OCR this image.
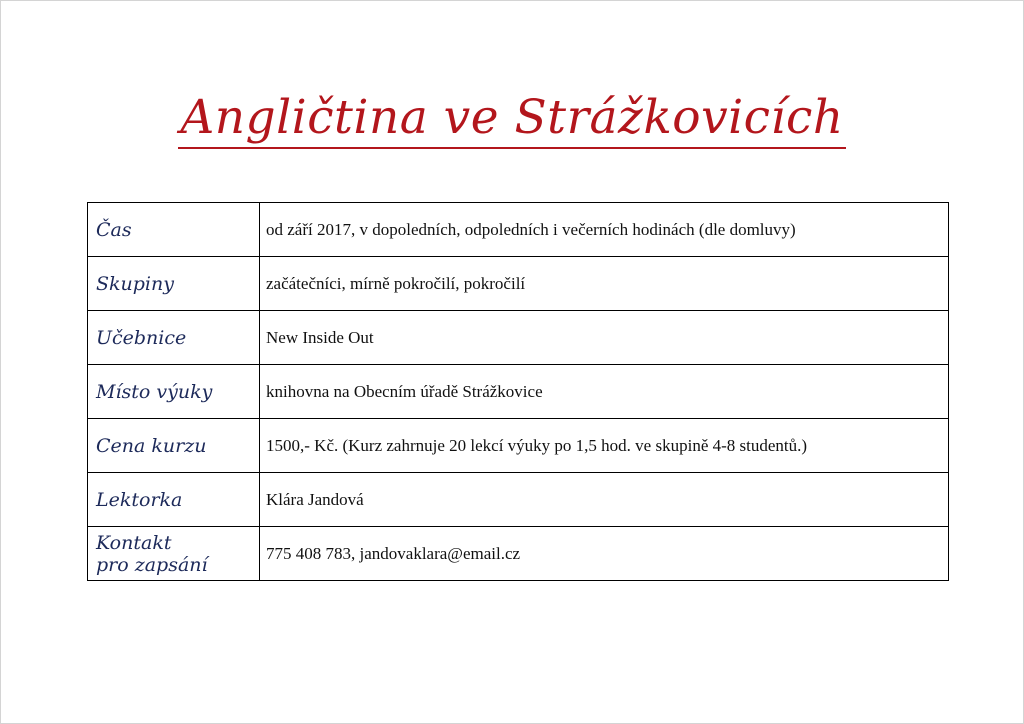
Angličtina ve Strážkovicích
Čas	od září 2017, v dopoledních, odpoledních i večerních hodinách (dle domluvy)
Skupiny	začátečníci, mírně pokročilí, pokročilí
Učebnice	New Inside Out
Místo výuky	knihovna na Obecním úřadě Strážkovice
Cena kurzu	1500,- Kč. (Kurz zahrnuje 20 lekcí výuky po 1,5 hod. ve skupině 4-8 studentů.)
Lektorka	Klára Jandová

Kontakt
pro zapsání	775 408 783, jandovaklara@email.cz
